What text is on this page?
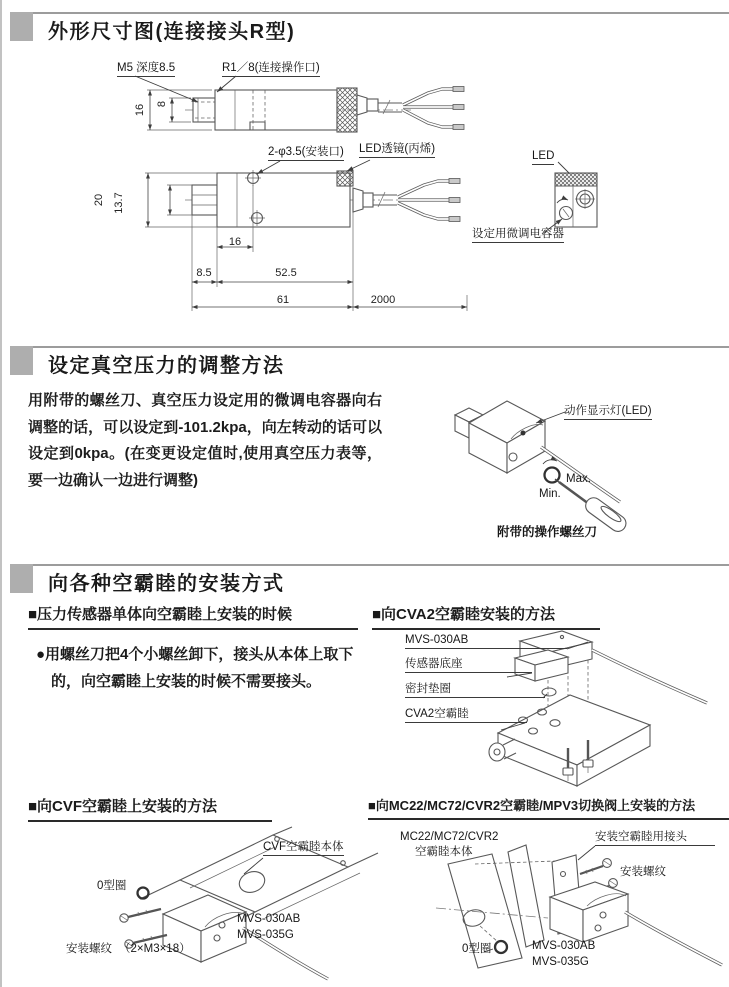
外形尺寸图(连接接头R型)
M5 深度8.5	R1／8(连接操作口)
16 8
2-φ3.5(安装口) LED透镜(丙烯)
20 13.7
16
8.5	52.5
61	2000
LED
设定用微调电容器
设定真空压力的调整方法
用附带的螺丝刀、真空压力设定用的微调电容器向右调整的话，可以设定到-101.2kpa，向左转动的话可以设定到0kpa。(在变更设定值时,使用真空压力表等，要一边确认一边进行调整)
动作显示灯(LED)
Max.
Min.
附带的操作螺丝刀
向各种空霸睦的安装方式
■压力传感器单体向空霸睦上安装的时候
●用螺丝刀把4个小螺丝卸下，接头从本体上取下的，向空霸睦上安装的时候不需要接头。
■向CVA2空霸睦安装的方法
MVS-030AB
传感器底座
密封垫圈
CVA2空霸睦
■向CVF空霸睦上安装的方法
CVF空霸睦本体
0型圈
MVS-030AB
MVS-035G
安装螺纹 （2×M3×18）
■向MC22/MC72/CVR2空霸睦/MPV3切换阀上安装的方法
MC22/MC72/CVR2
空霸睦本体
安装空霸睦用接头
安装螺纹
0型圈	MVS-030AB
MVS-035G
